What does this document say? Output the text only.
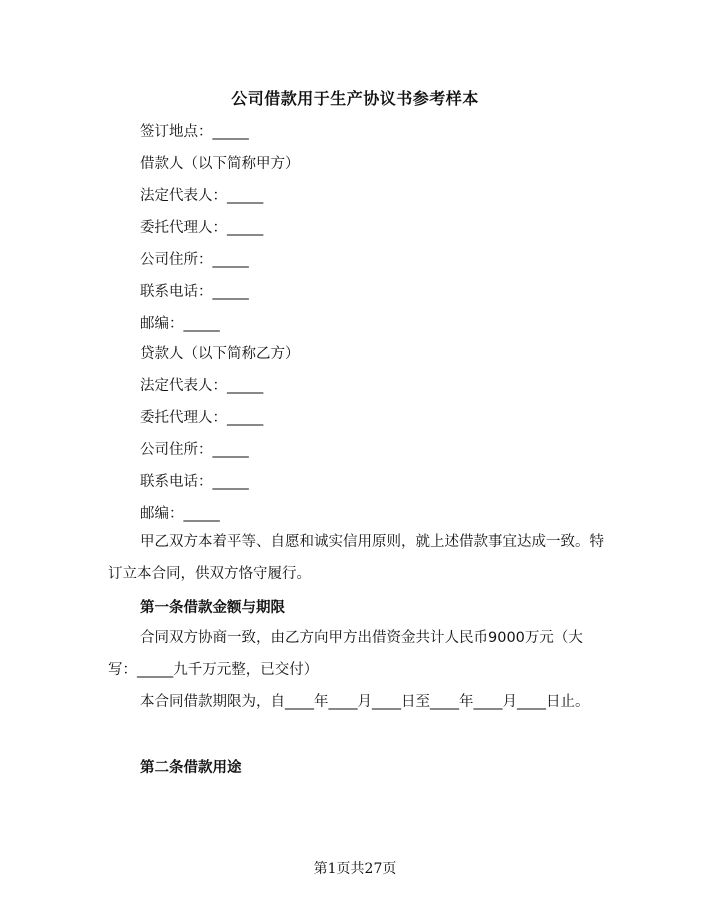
公司借款用于生产协议书参考样本
签订地点：_____
借款人（以下简称甲方）
法定代表人：_____
委托代理人：_____
公司住所：_____
联系电话：_____
邮编：_____
贷款人（以下简称乙方）
法定代表人：_____
委托代理人：_____
公司住所：_____
联系电话：_____
邮编：_____
甲乙双方本着平等、自愿和诚实信用原则，就上述借款事宜达成一致。特订立本合同，供双方恪守履行。
第一条借款金额与期限
合同双方协商一致，由乙方向甲方出借资金共计人民币9000万元（大写：_____九千万元整，已交付）
本合同借款期限为，自____年____月____日至____年____月____日止。
第二条借款用途
第1页共27页
